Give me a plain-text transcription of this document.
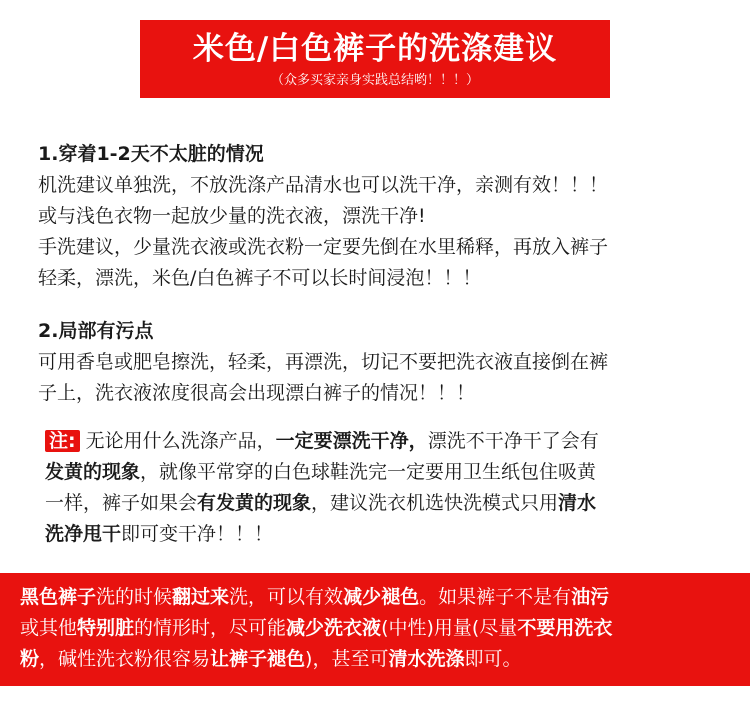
米色/白色裤子的洗涤建议
（众多买家亲身实践总结哟！！！）

1.穿着1-2天不太脏的情况

机洗建议单独洗，不放洗涤产品清水也可以洗干净，亲测有效！！！

或与浅色衣物一起放少量的洗衣液，漂洗干净!

手洗建议，少量洗衣液或洗衣粉一定要先倒在水里稀释，再放入裤子

轻柔，漂洗，米色/白色裤子不可以长时间浸泡！！！

2.局部有污点

可用香皂或肥皂擦洗，轻柔，再漂洗，切记不要把洗衣液直接倒在裤

子上，洗衣液浓度很高会出现漂白裤子的情况！！！

注: 无论用什么洗涤产品，一定要漂洗干净，漂洗不干净干了会有

发黄的现象，就像平常穿的白色球鞋洗完一定要用卫生纸包住吸黄

一样，裤子如果会有发黄的现象，建议洗衣机选快洗模式只用清水

洗净甩干即可变干净！！！

黑色裤子洗的时候翻过来洗，可以有效减少褪色。如果裤子不是有油污

或其他特别脏的情形时，尽可能减少洗衣液(中性)用量(尽量不要用洗衣

粉，碱性洗衣粉很容易让裤子褪色)，甚至可清水洗涤即可。
